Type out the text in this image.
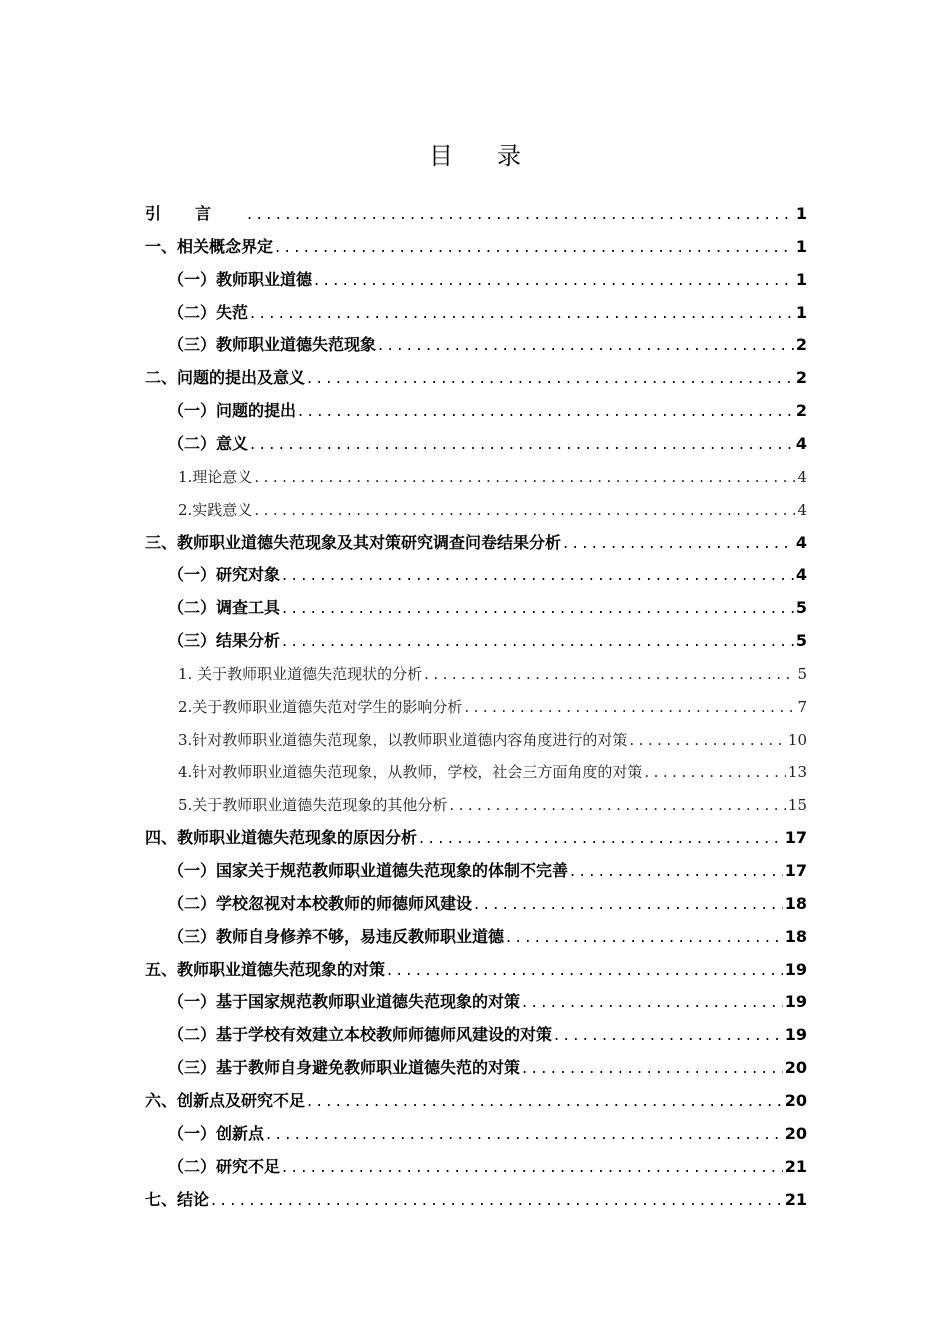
目录
引言 .....	1
一、相关概念界定 .....	1
（一）教师职业道德 .....	1
（二）失范 .....	1
（三）教师职业道德失范现象 .....	2
二、问题的提出及意义 .....	2
（一）问题的提出 .....	2
（二）意义 .....	4
1.理论意义 .....	4
2.实践意义 .....	4
三、教师职业道德失范现象及其对策研究调查问卷结果分析 .....	4
（一）研究对象 .....	4
（二）调查工具 .....	5
（三）结果分析 .....	5
1. 关于教师职业道德失范现状的分析 .....	5
2.关于教师职业道德失范对学生的影响分析 .....	7
3.针对教师职业道德失范现象，以教师职业道德内容角度进行的对策 .....	10
4.针对教师职业道德失范现象，从教师，学校，社会三方面角度的对策 .....	13
5.关于教师职业道德失范现象的其他分析 .....	15
四、教师职业道德失范现象的原因分析 .....	17
（一）国家关于规范教师职业道德失范现象的体制不完善 .....	17
（二）学校忽视对本校教师的师德师风建设 .....	18
（三）教师自身修养不够，易违反教师职业道德 .....	18
五、教师职业道德失范现象的对策 .....	19
（一）基于国家规范教师职业道德失范现象的对策 .....	19
（二）基于学校有效建立本校教师师德师风建设的对策 .....	19
（三）基于教师自身避免教师职业道德失范的对策 .....	20
六、创新点及研究不足 .....	20
（一）创新点 .....	20
（二）研究不足 .....	21
七、结论 .....	21
